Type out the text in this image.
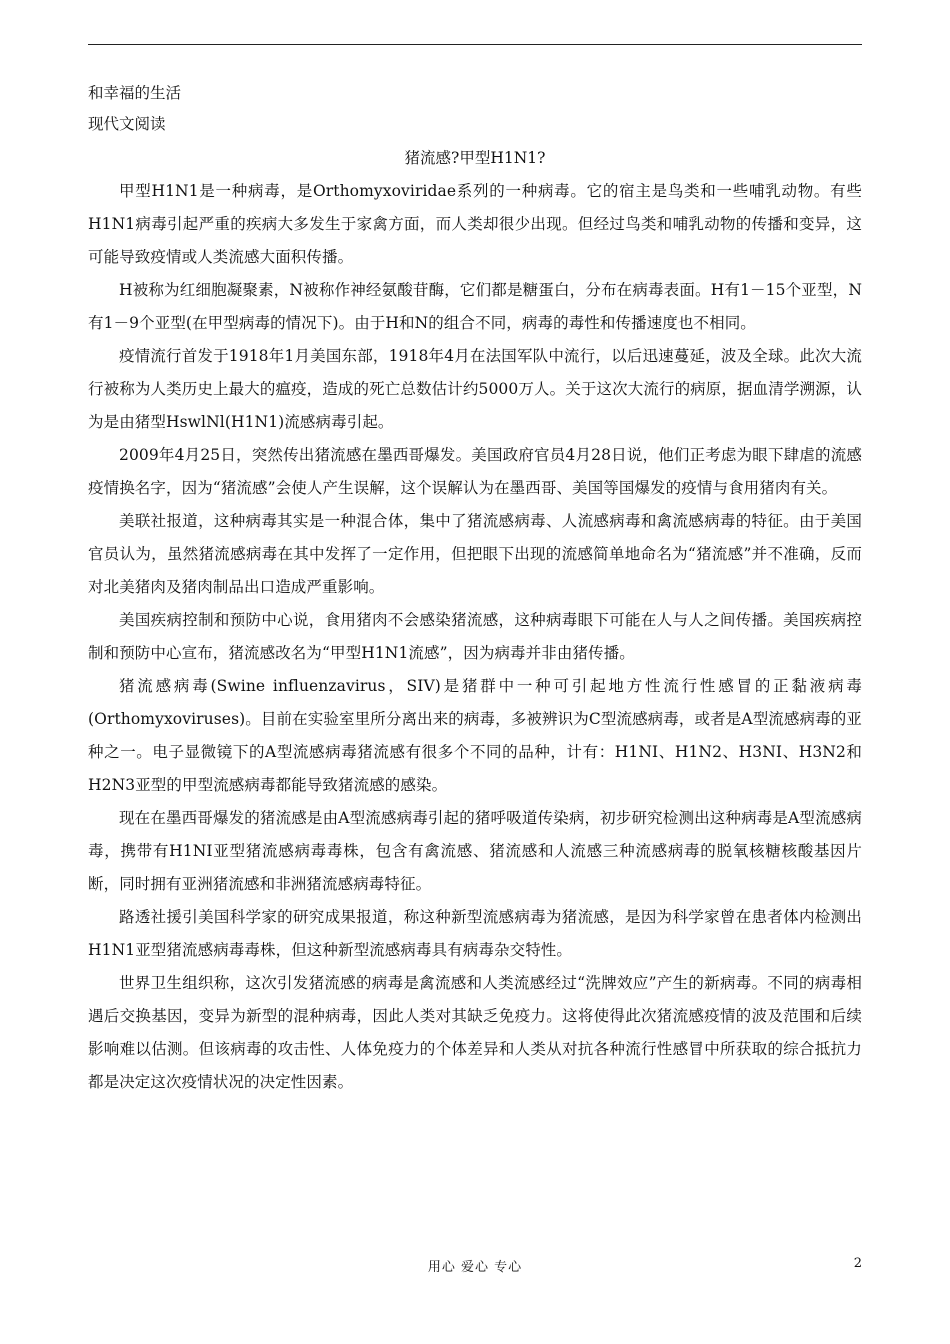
和幸福的生活

现代文阅读

猪流感?甲型H1N1?

甲型H1N1是一种病毒，是Orthomyxoviridae系列的一种病毒。它的宿主是鸟类和一些哺乳动物。有些H1N1病毒引起严重的疾病大多发生于家禽方面，而人类却很少出现。但经过鸟类和哺乳动物的传播和变异，这可能导致疫情或人类流感大面积传播。

H被称为红细胞凝聚素，N被称作神经氨酸苷酶，它们都是糖蛋白，分布在病毒表面。H有1－15个亚型，N有1－9个亚型(在甲型病毒的情况下)。由于H和N的组合不同，病毒的毒性和传播速度也不相同。

疫情流行首发于1918年1月美国东部，1918年4月在法国军队中流行，以后迅速蔓延，波及全球。此次大流行被称为人类历史上最大的瘟疫，造成的死亡总数估计约5000万人。关于这次大流行的病原，据血清学溯源，认为是由猪型HswlNl(H1N1)流感病毒引起。

2009年4月25日，突然传出猪流感在墨西哥爆发。美国政府官员4月28日说，他们正考虑为眼下肆虐的流感疫情换名字，因为“猪流感”会使人产生误解，这个误解认为在墨西哥、美国等国爆发的疫情与食用猪肉有关。

美联社报道，这种病毒其实是一种混合体，集中了猪流感病毒、人流感病毒和禽流感病毒的特征。由于美国官员认为，虽然猪流感病毒在其中发挥了一定作用，但把眼下出现的流感简单地命名为“猪流感”并不准确，反而对北美猪肉及猪肉制品出口造成严重影响。

美国疾病控制和预防中心说，食用猪肉不会感染猪流感，这种病毒眼下可能在人与人之间传播。美国疾病控制和预防中心宣布，猪流感改名为“甲型H1N1流感”，因为病毒并非由猪传播。

猪流感病毒(Swine influenzavirus，SIV)是猪群中一种可引起地方性流行性感冒的正黏液病毒(Orthomyxoviruses)。目前在实验室里所分离出来的病毒，多被辨识为C型流感病毒，或者是A型流感病毒的亚种之一。电子显微镜下的A型流感病毒猪流感有很多个不同的品种，计有：H1NI、H1N2、H3NI、H3N2和H2N3亚型的甲型流感病毒都能导致猪流感的感染。

现在在墨西哥爆发的猪流感是由A型流感病毒引起的猪呼吸道传染病，初步研究检测出这种病毒是A型流感病毒，携带有H1NI亚型猪流感病毒毒株，包含有禽流感、猪流感和人流感三种流感病毒的脱氧核糖核酸基因片断，同时拥有亚洲猪流感和非洲猪流感病毒特征。

路透社援引美国科学家的研究成果报道，称这种新型流感病毒为猪流感，是因为科学家曾在患者体内检测出H1N1亚型猪流感病毒毒株，但这种新型流感病毒具有病毒杂交特性。

世界卫生组织称，这次引发猪流感的病毒是禽流感和人类流感经过“洗牌效应”产生的新病毒。不同的病毒相遇后交换基因，变异为新型的混种病毒，因此人类对其缺乏免疫力。这将使得此次猪流感疫情的波及范围和后续影响难以估测。但该病毒的攻击性、人体免疫力的个体差异和人类从对抗各种流行性感冒中所获取的综合抵抗力都是决定这次疫情状况的决定性因素。

用心 爱心 专心	2
